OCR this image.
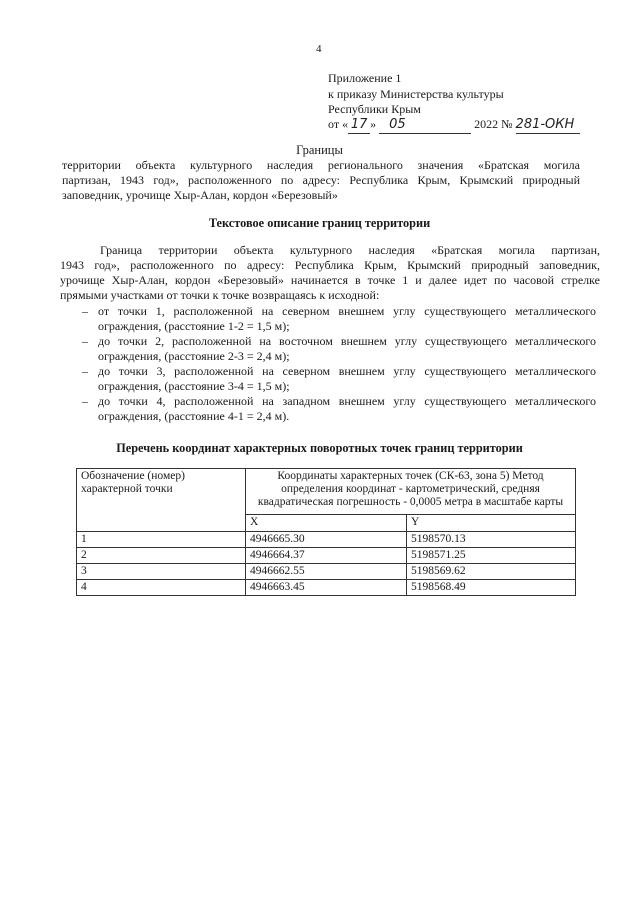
4
Приложение 1
к приказу Министерства культуры
Республики Крым
от « 17 » 05	2022 № 281-ОКН
Границы
территории объекта культурного наследия регионального значения «Братская могила
партизан, 1943 год», расположенного по адресу: Республика Крым, Крымский природный
заповедник, урочище Хыр-Алан, кордон «Березовый»
Текстовое описание границ территории
Граница территории объекта культурного наследия «Братская могила партизан,
1943 год», расположенного по адресу: Республика Крым, Крымский природный заповедник,
урочище Хыр-Алан, кордон «Березовый» начинается в точке 1 и далее идет по часовой стрелке
прямыми участками от точки к точке возвращаясь к исходной:
– от точки 1, расположенной на северном внешнем углу существующего металлического
ограждения, (расстояние 1-2 = 1,5 м);
– до точки 2, расположенной на восточном внешнем углу существующего металлического
ограждения, (расстояние 2-3 = 2,4 м);
– до точки 3, расположенной на северном внешнем углу существующего металлического
ограждения, (расстояние 3-4 = 1,5 м);
– до точки 4, расположенной на западном внешнем углу существующего металлического
ограждения, (расстояние 4-1 = 2,4 м).
Перечень координат характерных поворотных точек границ территории
Обозначение (номер) характерной точки	Координаты характерных точек (СК-63, зона 5) Метод определения координат - картометрический, средняя квадратическая погрешность - 0,0005 метра в масштабе карты	
	X	Y
1	4946665.30	5198570.13
2	4946664.37	5198571.25
3	4946662.55	5198569.62
4	4946663.45	5198568.49
